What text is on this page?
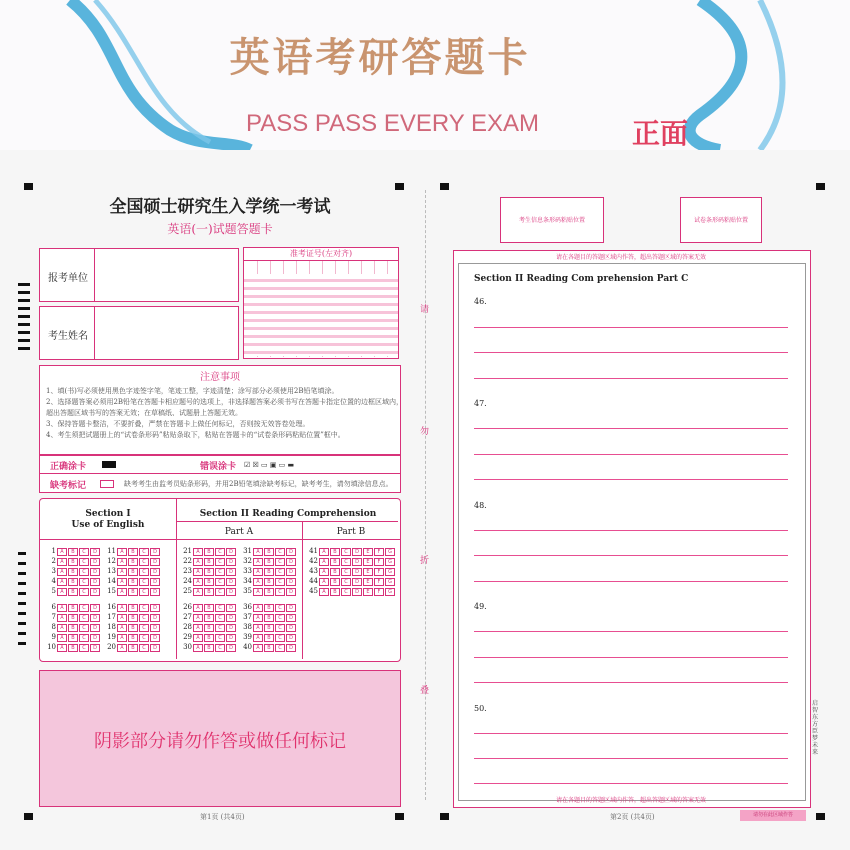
英语考研答题卡
PASS PASS EVERY EXAM	正面
请
勿
折
叠
全国硕士研究生入学统一考试
英语(一)试题答题卡
报考单位
考生姓名
准考证号(左对齐)
注意事项
1、填(书)写必须使用黑色字迹签字笔，笔迹工整，字迹清楚；涂写部分必须使用2B铅笔填涂。
2、选择题答案必须用2B铅笔在答题卡相应题号的选项上，非选择题答案必须书写在答题卡指定位置的边框区域内，
超出答题区域书写的答案无效；在草稿纸、试题册上答题无效。
3、保持答题卡整洁，不要折叠，严禁在答题卡上做任何标记，否则按无效答卷处理。
4、考生须把试题册上的“试卷条形码”粘贴条取下，粘贴在答题卡的“试卷条形码粘贴位置”框中。
正确涂卡	错误涂卡 ☑ ☒ ▭ ▣ ▭ ▬
缺考标记	缺考考生由监考员贴条形码，并用2B铅笔填涂缺考标记，缺考考生，请勿填涂信息点。
Section I
Use of English
Section II Reading Comprehension
Part A	Part B
1 A B C D
2 A B C D
3 A B C D
4 A B C D
5 A B C D
6 A B C D
7 A B C D
8 A B C D
9 A B C D
10 A B C D
11 A B C D
12 A B C D
13 A B C D
14 A B C D
15 A B C D
16 A B C D
17 A B C D
18 A B C D
19 A B C D
20 A B C D
21 A B C D
22 A B C D
23 A B C D
24 A B C D
25 A B C D
26 A B C D
27 A B C D
28 A B C D
29 A B C D
30 A B C D
31 A B C D
32 A B C D
33 A B C D
34 A B C D
35 A B C D
36 A B C D
37 A B C D
38 A B C D
39 A B C D
40 A B C D
41 A B C D E F G
42 A B C D E F G
43 A B C D E F G
44 A B C D E F G
45 A B C D E F G
阴影部分请勿作答或做任何标记
第1页 (共4页)
考生信息条形码粘贴位置	试卷条形码粘贴位置
请在各题目的答题区域内作答，超出答题区域的答案无效
Section II Reading Com prehension Part C
46.
47.
48.
49.
50.
请在各题目的答题区域内作答，超出答题区域的答案无效
启智东方 臣梦未来
第2页 (共4页)	请勿在此区域作答
